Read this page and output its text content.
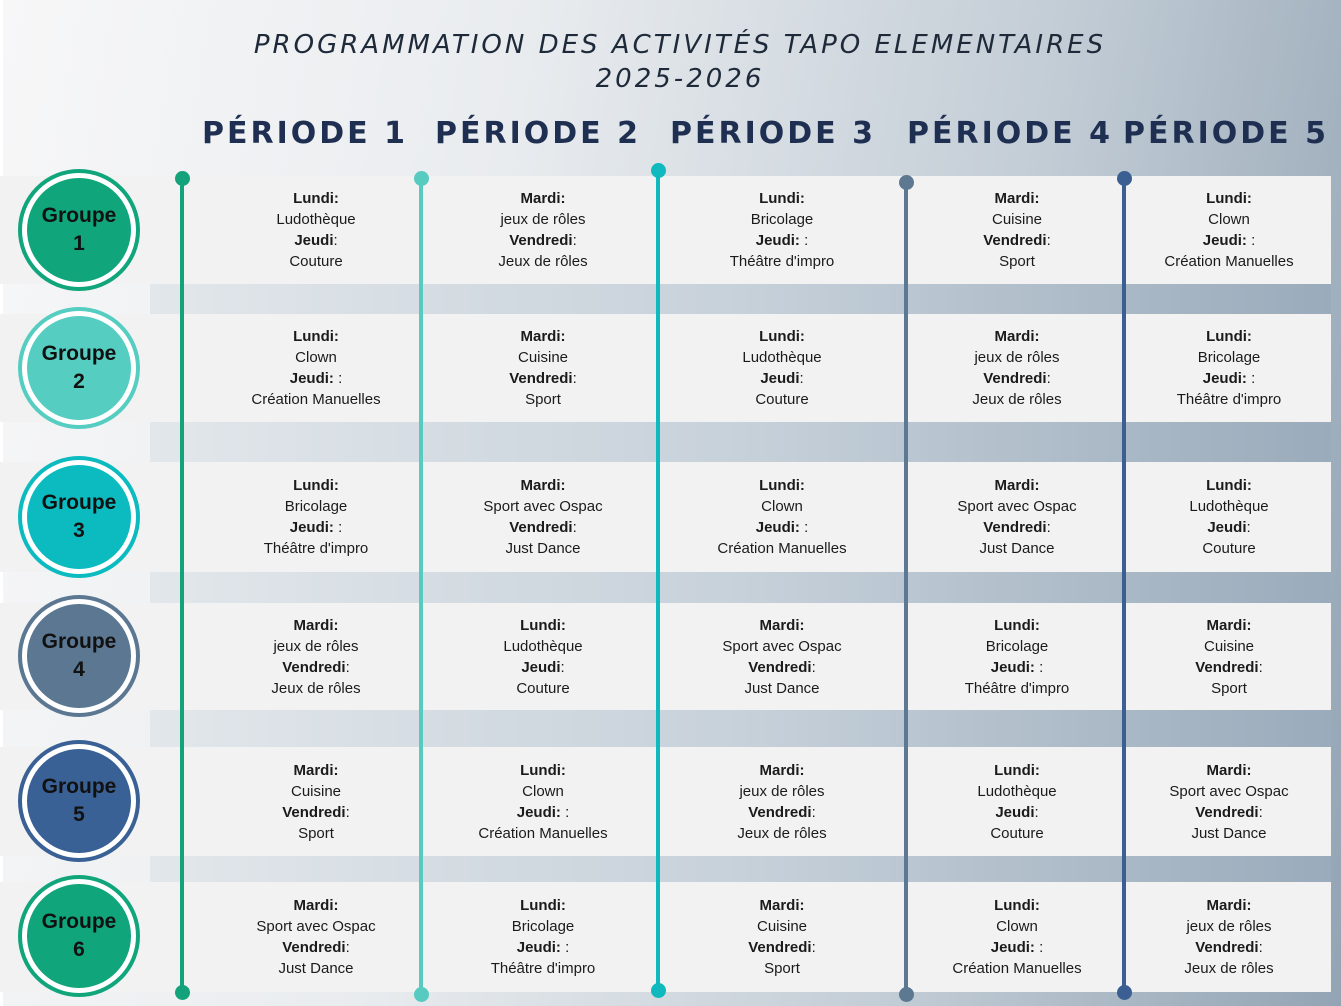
PROGRAMMATION DES ACTIVITÉS TAPO ELEMENTAIRES
2025-2026
PÉRIODE 1 PÉRIODE 2 PÉRIODE 3	PÉRIODE 4 PÉRIODE 5
Lundi:
Ludothèque
Jeudi:
Couture
Mardi:
jeux de rôles
Vendredi:
Jeux de rôles
Lundi:
Bricolage
Jeudi: :
Théâtre d'impro
Mardi:
Cuisine
Vendredi:
Sport
Lundi:
Clown
Jeudi: :
Création Manuelles
Groupe
1
Lundi:
Clown
Jeudi: :
Création Manuelles
Mardi:
Cuisine
Vendredi:
Sport
Lundi:
Ludothèque
Jeudi:
Couture
Mardi:
jeux de rôles
Vendredi:
Jeux de rôles
Lundi:
Bricolage
Jeudi: :
Théâtre d'impro
Groupe
2
Lundi:
Bricolage
Jeudi: :
Théâtre d'impro
Mardi:
Sport avec Ospac
Vendredi:
Just Dance
Lundi:
Clown
Jeudi: :
Création Manuelles
Mardi:
Sport avec Ospac
Vendredi:
Just Dance
Lundi:
Ludothèque
Jeudi:
Couture
Groupe
3
Mardi:
jeux de rôles
Vendredi:
Jeux de rôles
Lundi:
Ludothèque
Jeudi:
Couture
Mardi:
Sport avec Ospac
Vendredi:
Just Dance
Lundi:
Bricolage
Jeudi: :
Théâtre d'impro
Mardi:
Cuisine
Vendredi:
Sport
Groupe
4
Mardi:
Cuisine
Vendredi:
Sport
Lundi:
Clown
Jeudi: :
Création Manuelles
Mardi:
jeux de rôles
Vendredi:
Jeux de rôles
Lundi:
Ludothèque
Jeudi:
Couture
Mardi:
Sport avec Ospac
Vendredi:
Just Dance
Groupe
5
Mardi:
Sport avec Ospac
Vendredi:
Just Dance
Lundi:
Bricolage
Jeudi: :
Théâtre d'impro
Mardi:
Cuisine
Vendredi:
Sport
Lundi:
Clown
Jeudi: :
Création Manuelles
Mardi:
jeux de rôles
Vendredi:
Jeux de rôles
Groupe
6
